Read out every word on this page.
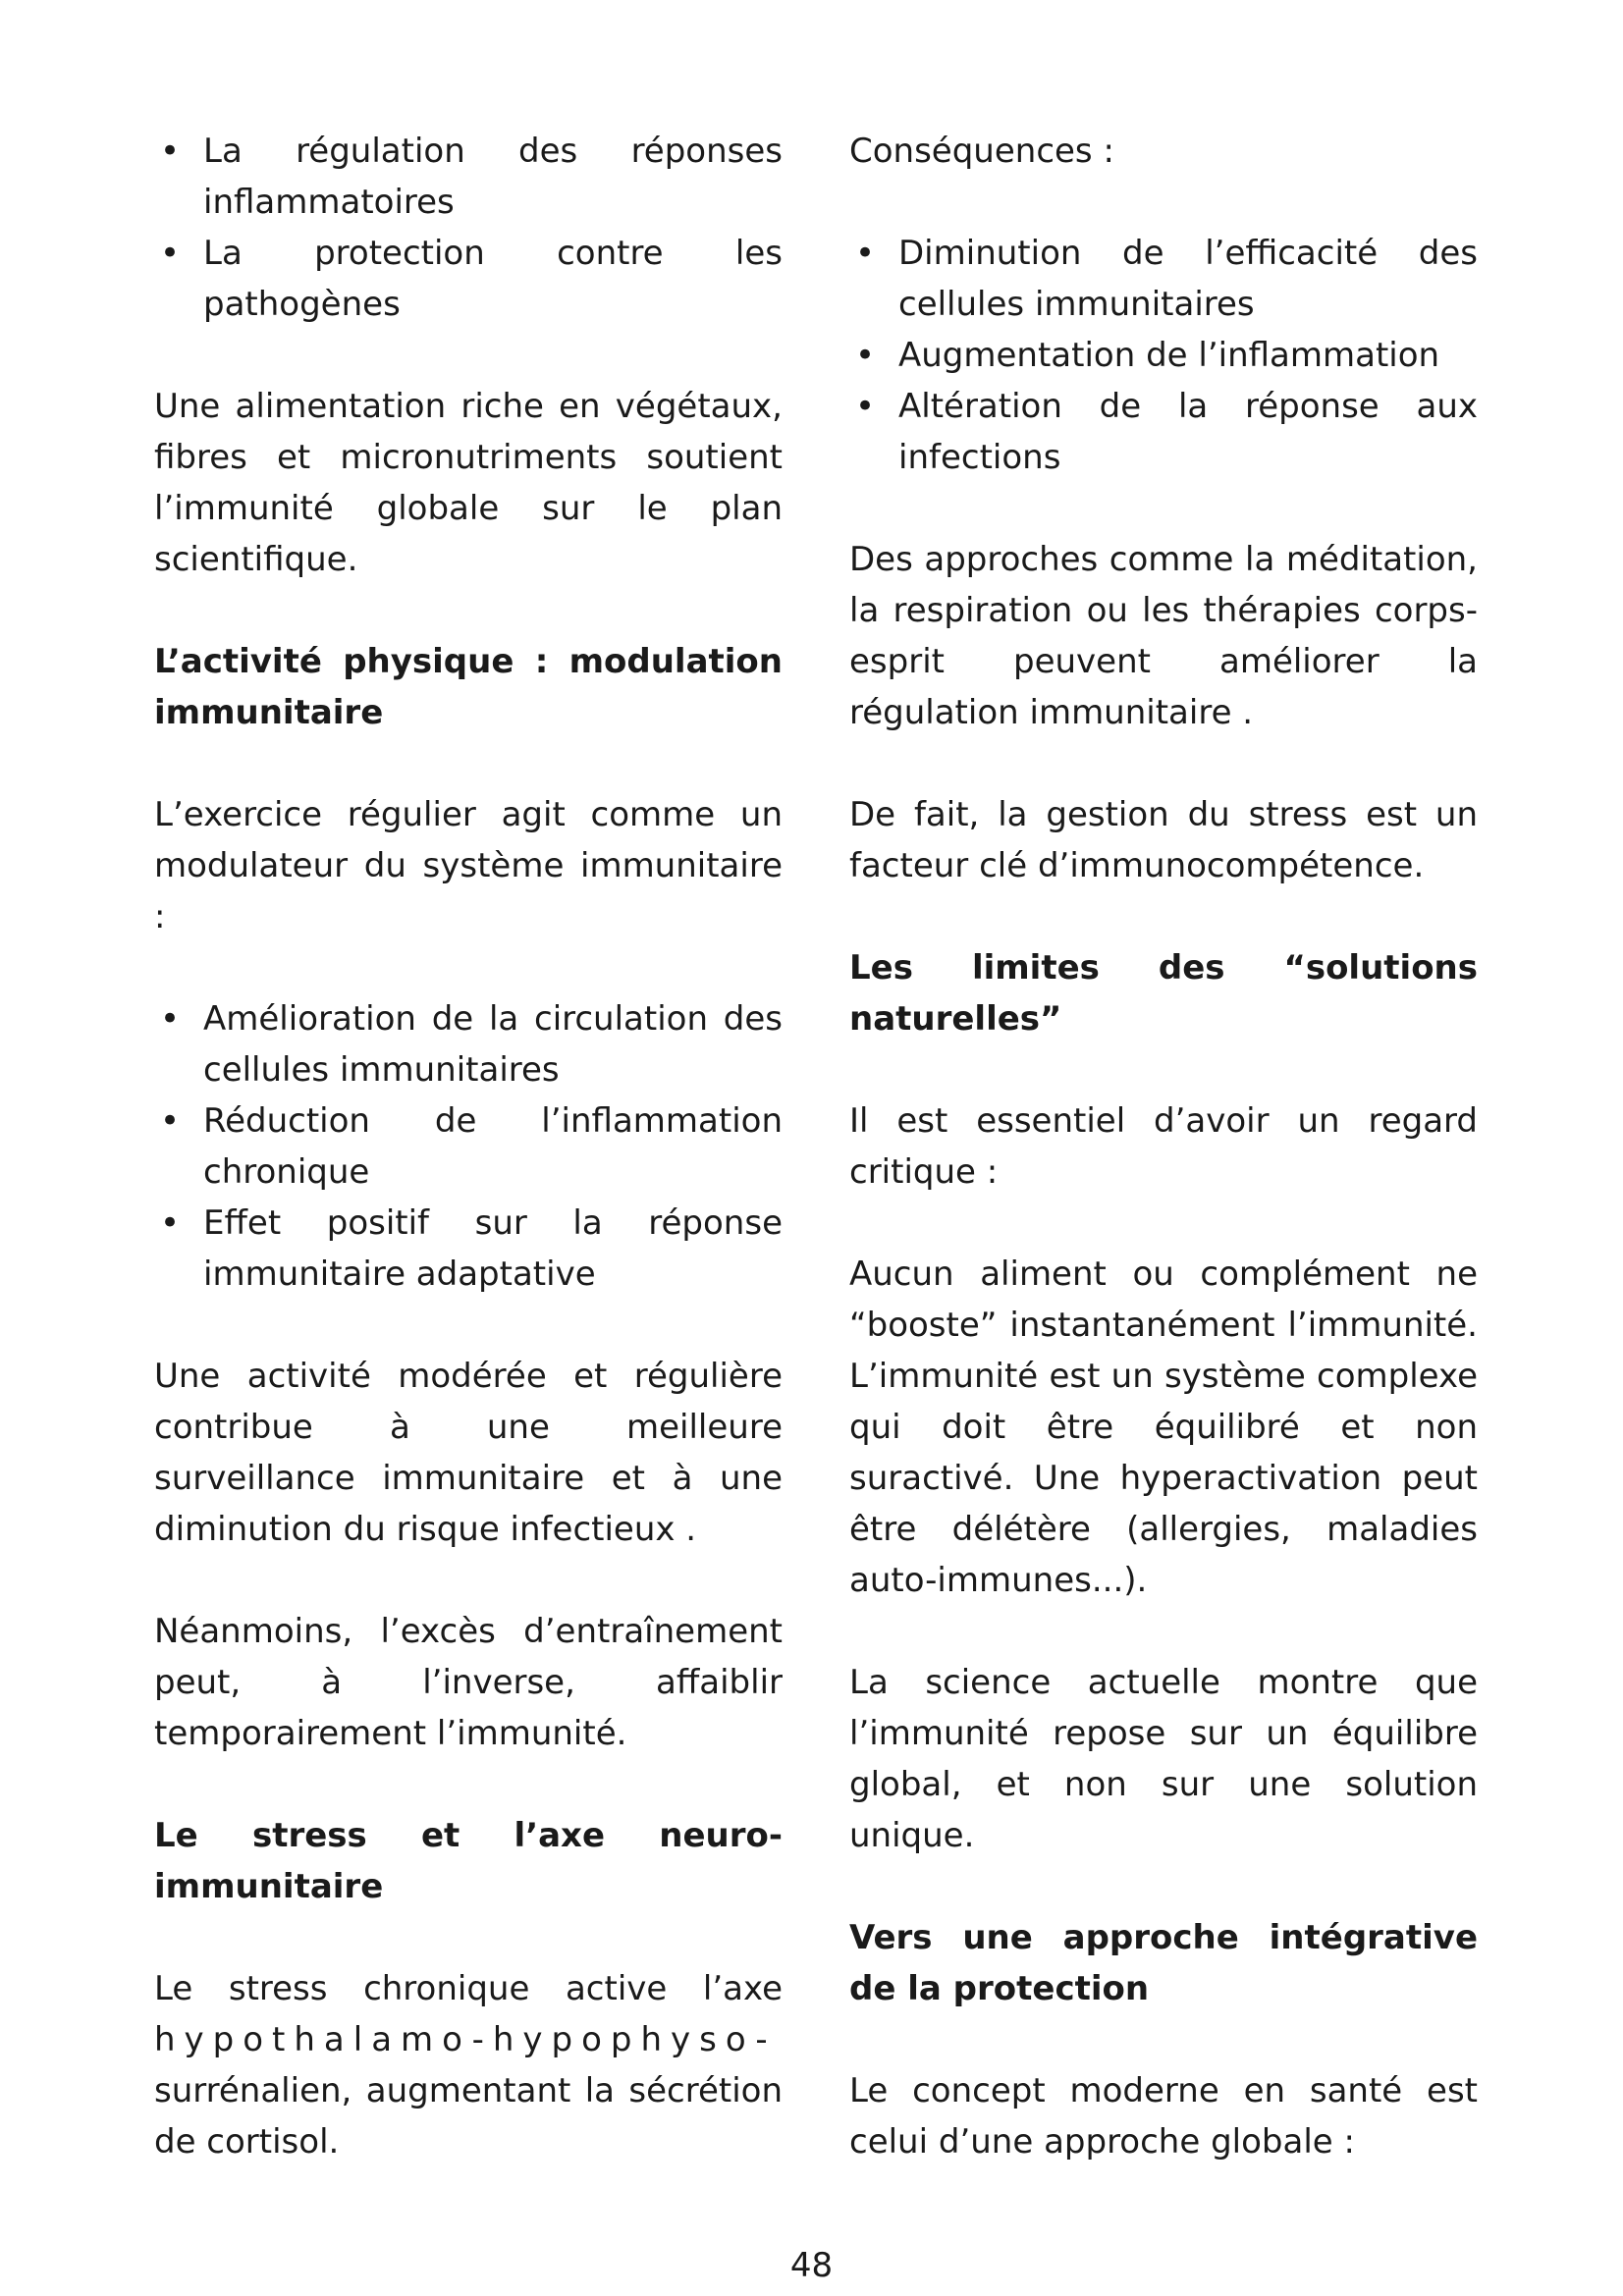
• La régulation des réponses inflammatoires
• La protection contre les pathogènes

Une alimentation riche en végétaux, fibres et micronutriments soutient l’immunité globale sur le plan scientifique.

L’activité physique : modulation immunitaire

L’exercice régulier agit comme un modulateur du système immunitaire :

• Amélioration de la circulation des cellules immunitaires
• Réduction de l’inflammation chronique
• Effet positif sur la réponse immunitaire adaptative

Une activité modérée et régulière contribue à une meilleure surveillance immunitaire et à une diminution du risque infectieux .

Néanmoins, l’excès d’entraînement peut, à l’inverse, affaiblir temporairement l’immunité.

Le stress et l’axe neuro-immunitaire

Le stress chronique active l’axe hypothalamo-hypophyso- surrénalien, augmentant la sécrétion de cortisol.

Conséquences :

• Diminution de l’efficacité des cellules immunitaires
• Augmentation de l’inflammation
• Altération de la réponse aux infections

Des approches comme la méditation, la respiration ou les thérapies corps-esprit peuvent améliorer la régulation immunitaire .

De fait, la gestion du stress est un facteur clé d’immunocompétence.

Les limites des “solutions naturelles”

Il est essentiel d’avoir un regard critique :

Aucun aliment ou complément ne “booste” instantanément l’immunité. L’immunité est un système complexe qui doit être équilibré et non suractivé. Une hyperactivation peut être délétère (allergies, maladies auto-immunes...).

La science actuelle montre que l’immunité repose sur un équilibre global, et non sur une solution unique.

Vers une approche intégrative de la protection

Le concept moderne en santé est celui d’une approche globale :

48
